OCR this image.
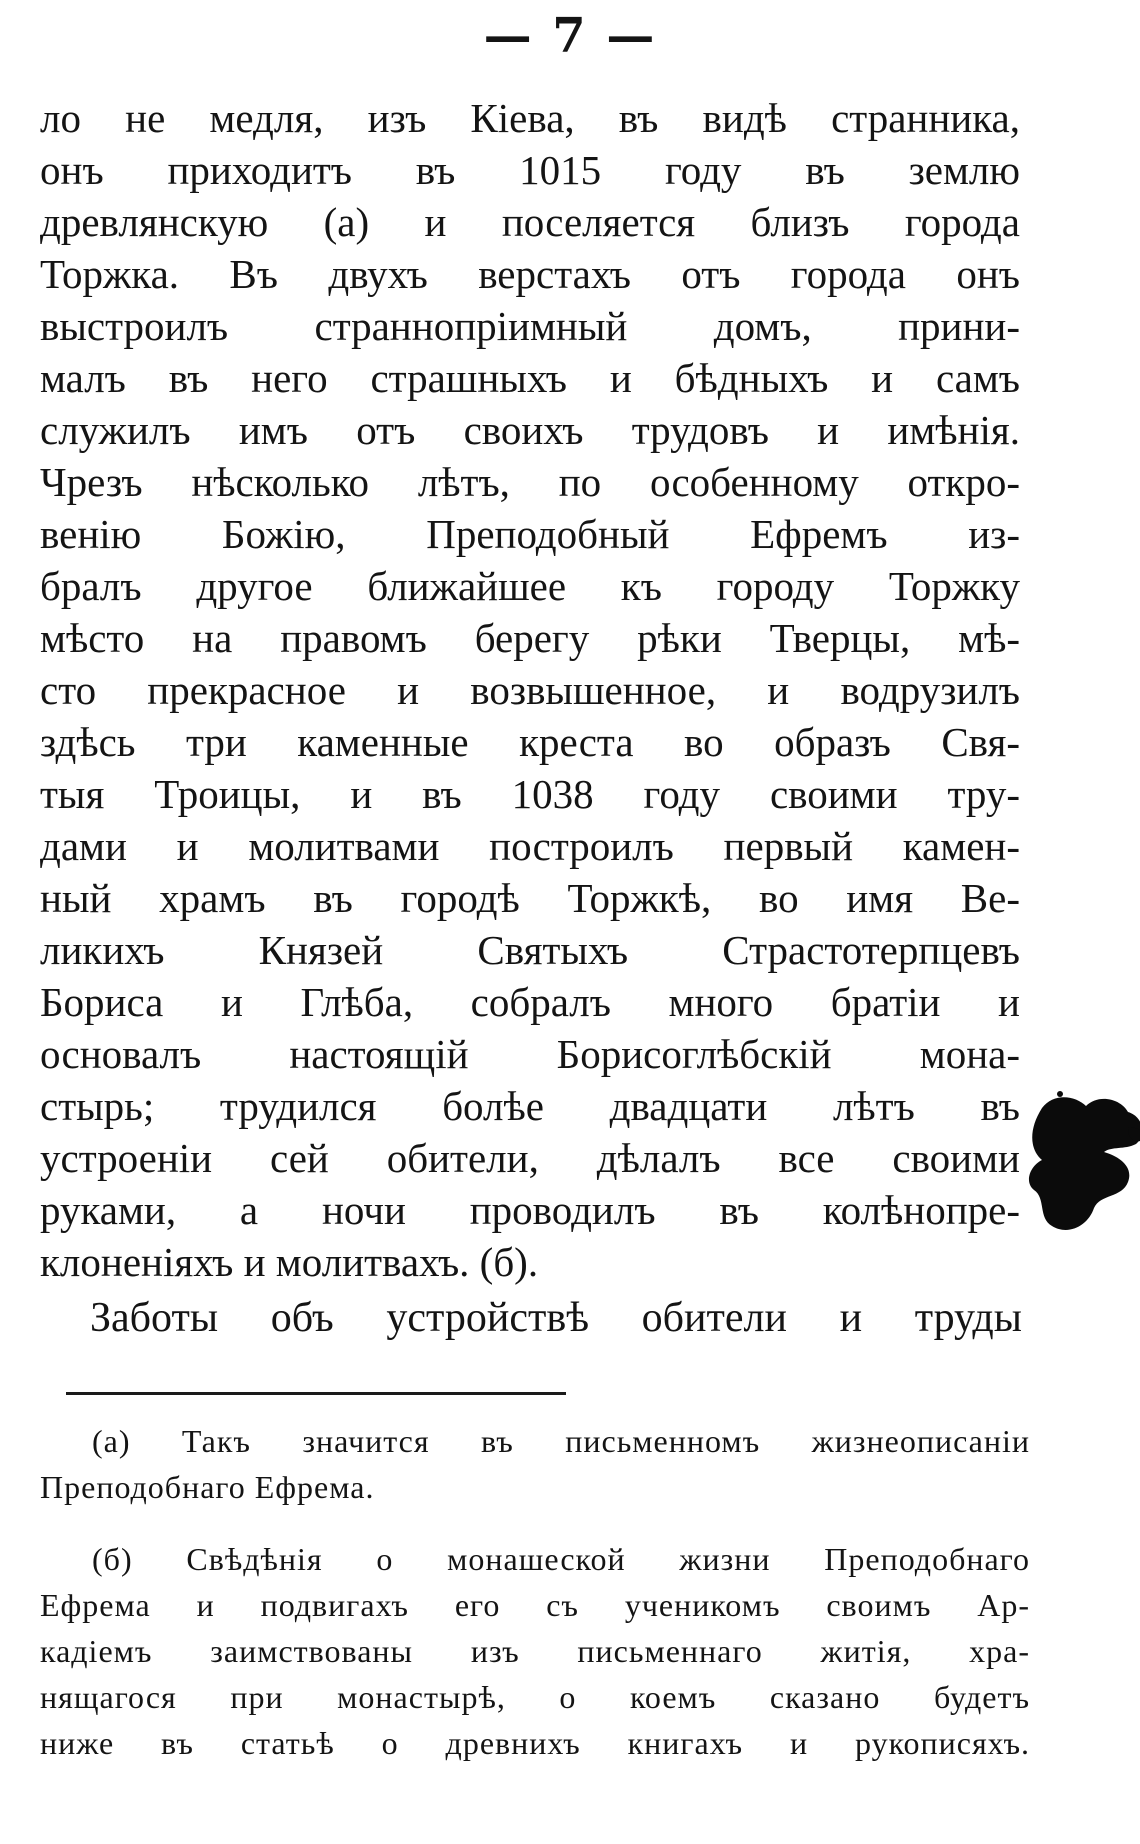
— 7 —
ло не медля, изъ Кіева, въ видѣ странника,
онъ приходитъ въ 1015 году въ землю
древлянскую (а) и поселяется близъ города
Торжка. Въ двухъ верстахъ отъ города онъ
выстроилъ страннопріимный домъ, прини-
малъ въ него страшныхъ и бѣдныхъ и самъ
служилъ имъ отъ своихъ трудовъ и имѣнія.
Чрезъ нѣсколько лѣтъ, по особенному откро-
венію Божію, Преподобный Ефремъ из-
бралъ другое ближайшее къ городу Торжку
мѣсто на правомъ берегу рѣки Тверцы, мѣ-
сто прекрасное и возвышенное, и водрузилъ
здѣсь три каменные креста во образъ Свя-
тыя Троицы, и въ 1038 году своими тру-
дами и молитвами построилъ первый камен-
ный храмъ въ городѣ Торжкѣ, во имя Ве-
ликихъ Князей Святыхъ Страстотерпцевъ
Бориса и Глѣба, собралъ много братіи и
основалъ настоящій Борисоглѣбскій мона-
стырь; трудился болѣе двадцати лѣтъ въ
устроеніи сей обители, дѣлалъ все своими
руками, а ночи проводилъ въ колѣнопре-
клоненіяхъ и молитвахъ. (б).
Заботы объ устройствѣ обители и труды
(а) Такъ значится въ письменномъ жизнеописаніи
Преподобнаго Ефрема.
(б) Свѣдѣнія о монашеской жизни Преподобнаго
Ефрема и подвигахъ его съ ученикомъ своимъ Ар-
кадіемъ заимствованы изъ письменнаго житія, хра-
нящагося при монастырѣ, о коемъ сказано будетъ
ниже въ статьѣ о древнихъ книгахъ и рукописяхъ.
